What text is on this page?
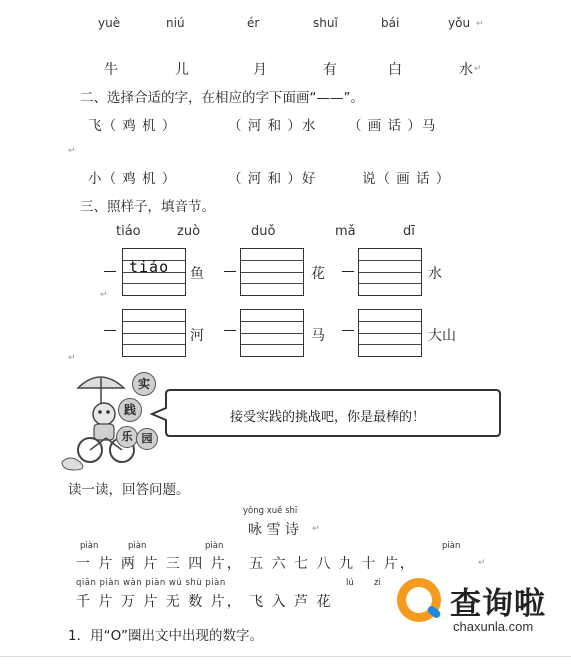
yuè	niú	ér	shuǐ	bái	yǒu ↵
牛	儿	月	有	白	水 ↵
二、选择合适的字，在相应的字下面画“——”。
飞（ 鸡 机 ）	（ 河 和 ）水 （ 画 话 ）马
↵
小（ 鸡 机 ）	（ 河 和 ）好	说（ 画 话 ）
三、照样子，填音节。
tiáo	zuò	duǒ	mǎ	dī
tiáo 鱼	花	水
↵
河	马	大山
↵
实
践
乐 园
接受实践的挑战吧，你是最棒的！
读一读，回答问题。
yǒng xuě shī
咏 雪 诗 ↵
piàn	piàn	piàn	piàn
一 片 两 片 三 四 片， 五 六 七 八 九 十 片，	↵
qiān piàn wàn piàn wú shù piàn	lú zi
千 片 万 片 无 数 片， 飞 入 芦 花
1．用“O”圈出文中出现的数字。
查询啦
chaxunla.com
